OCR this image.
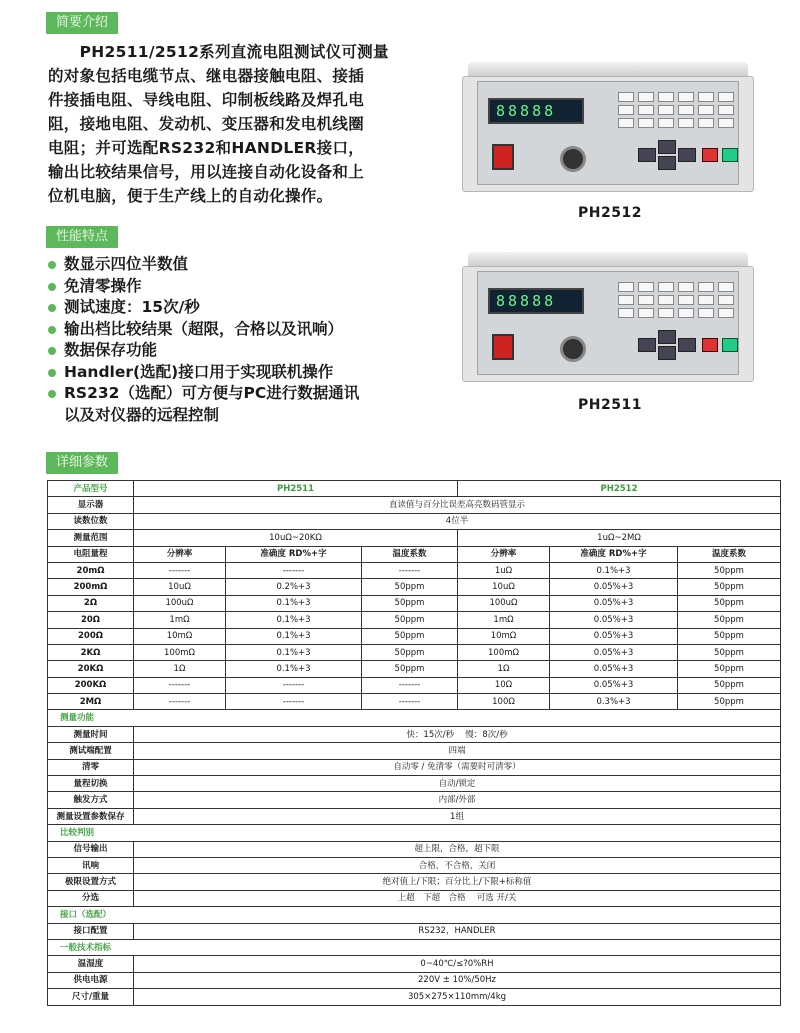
简要介绍
性能特点
详细参数
　　PH2511/2512系列直流电阻测试仪可测量
的对象包括电缆节点、继电器接触电阻、接插
件接插电阻、导线电阻、印制板线路及焊孔电
阻，接地电阻、发动机、变压器和发电机线圈
电阻；并可选配RS232和HANDLER接口，
输出比较结果信号，用以连接自动化设备和上
位机电脑，便于生产线上的自动化操作。
数显示四位半数值
免清零操作
测试速度：15次/秒
输出档比较结果（超限，合格以及讯响）
数据保存功能
Handler(选配)接口用于实现联机操作
RS232（选配）可方便与PC进行数据通讯
以及对仪器的远程控制
88888
PH2512
88888
PH2511
产品型号	PH2511			PH2512		
显示器	直读值与百分比误差高亮数码管显示					
读数位数	4位半					
测量范围	10uΩ~20KΩ			1uΩ~2MΩ		
电阻量程	分辨率	准确度 RD%+字	温度系数	分辨率	准确度 RD%+字	温度系数
20mΩ	-------	-------	-------	1uΩ	0.1%+3	50ppm
200mΩ	10uΩ	0.2%+3	50ppm	10uΩ	0.05%+3	50ppm
2Ω	100uΩ	0.1%+3	50ppm	100uΩ	0.05%+3	50ppm
20Ω	1mΩ	0.1%+3	50ppm	1mΩ	0.05%+3	50ppm
200Ω	10mΩ	0.1%+3	50ppm	10mΩ	0.05%+3	50ppm
2KΩ	100mΩ	0.1%+3	50ppm	100mΩ	0.05%+3	50ppm
20KΩ	1Ω	0.1%+3	50ppm	1Ω	0.05%+3	50ppm
200KΩ	-------	-------	-------	10Ω	0.05%+3	50ppm
2MΩ	-------	-------	-------	100Ω	0.3%+3	50ppm
测量功能						
测量时间	快：15次/秒　 慢：8次/秒					
测试端配置	四端					
清零	自动零 / 免清零（需要时可清零）					
量程切换	自动/锁定					
触发方式	内部/外部					
测量设置参数保存	1组					
比较判别						
信号输出	超上限，合格，超下限					
讯响	合格，不合格，关闭					
极限设置方式	绝对值上/下限；百分比上/下限+标称值					
分选	上超　下超　合格　 可选 开/关					
接口（选配）						
接口配置	RS232，HANDLER					
一般技术指标						
温湿度	0~40℃/≤?0%RH					
供电电源	220V ± 10%/50Hz					
尺寸/重量	305×275×110mm/4kg					
